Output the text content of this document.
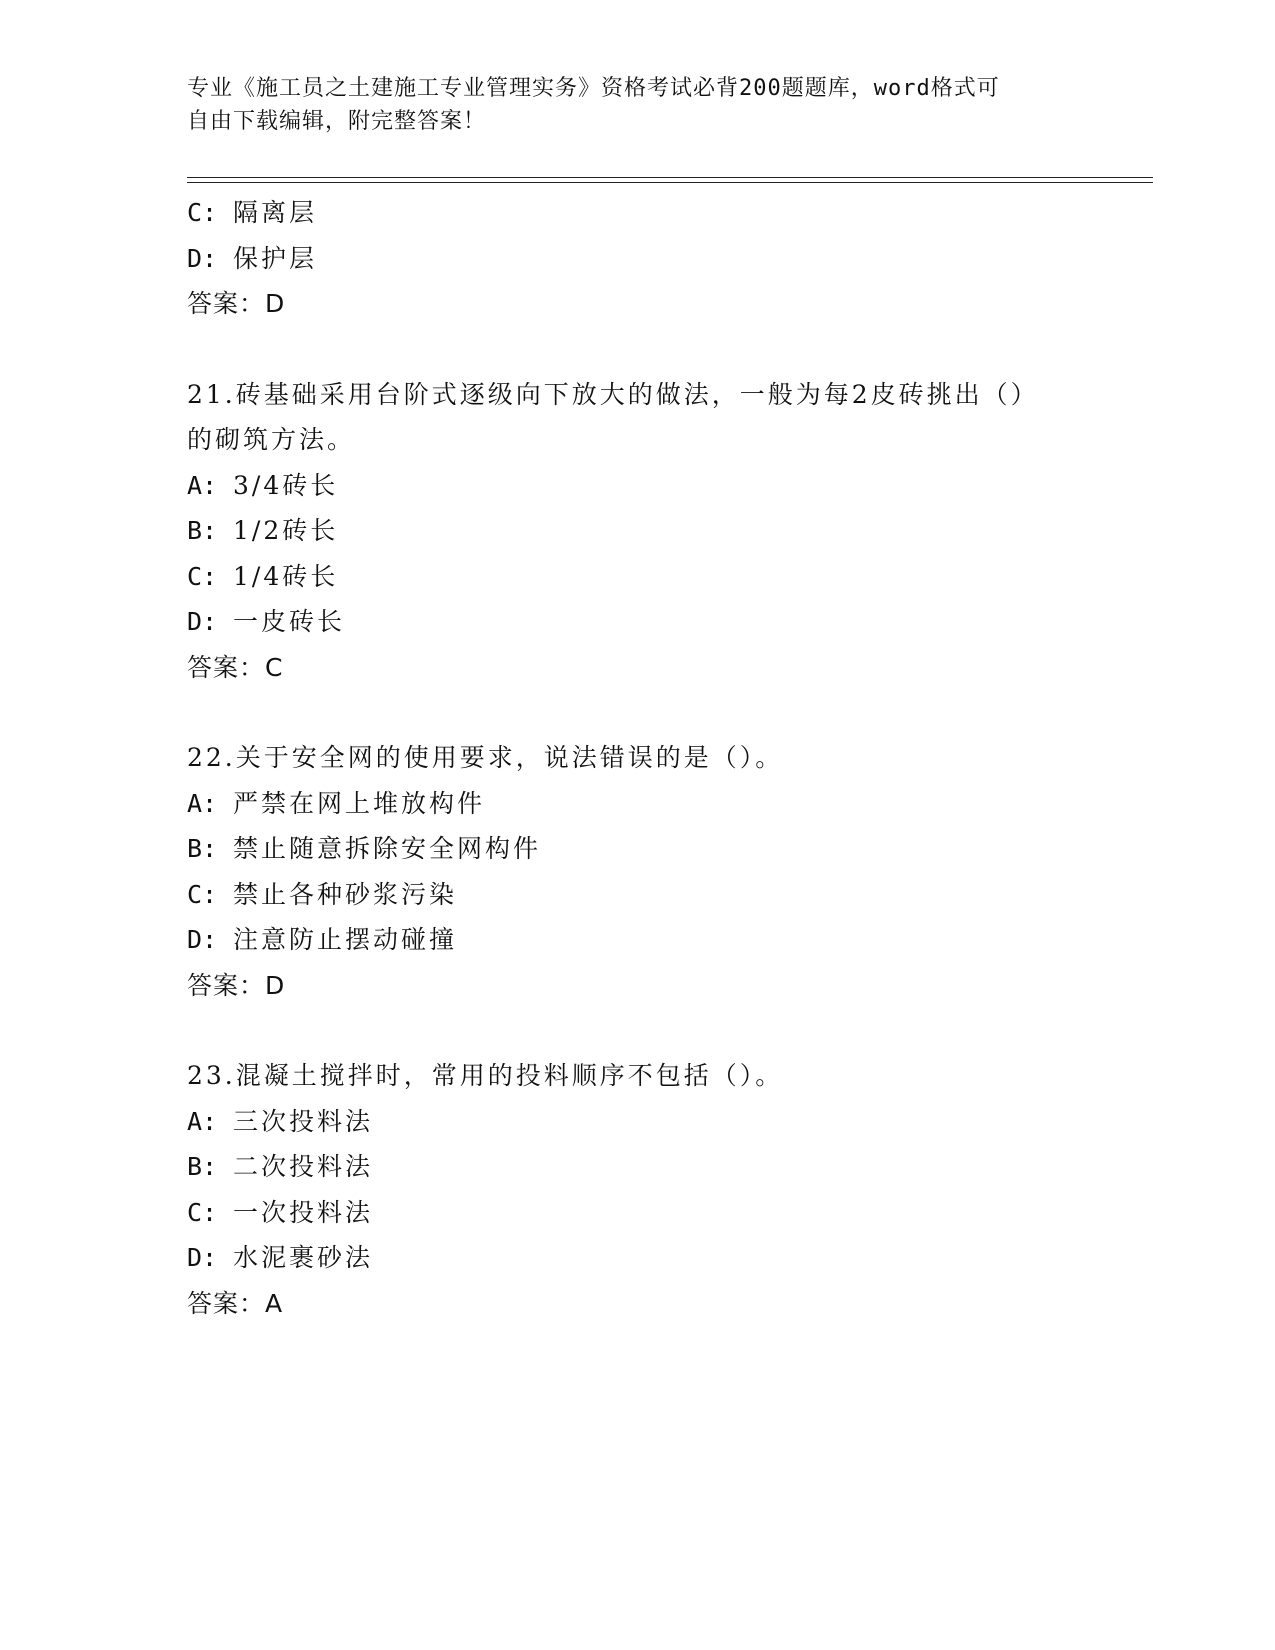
专业《施工员之土建施工专业管理实务》资格考试必背200题题库，word格式可
自由下载编辑，附完整答案！
C: 隔离层
D: 保护层
答案：D
21.砖基础采用台阶式逐级向下放大的做法，一般为每2皮砖挑出（）
的砌筑方法。
A: 3/4砖长
B: 1/2砖长
C: 1/4砖长
D: 一皮砖长
答案：C
22.关于安全网的使用要求，说法错误的是（）。
A: 严禁在网上堆放构件
B: 禁止随意拆除安全网构件
C: 禁止各种砂浆污染
D: 注意防止摆动碰撞
答案：D
23.混凝土搅拌时，常用的投料顺序不包括（）。
A: 三次投料法
B: 二次投料法
C: 一次投料法
D: 水泥裹砂法
答案：A
